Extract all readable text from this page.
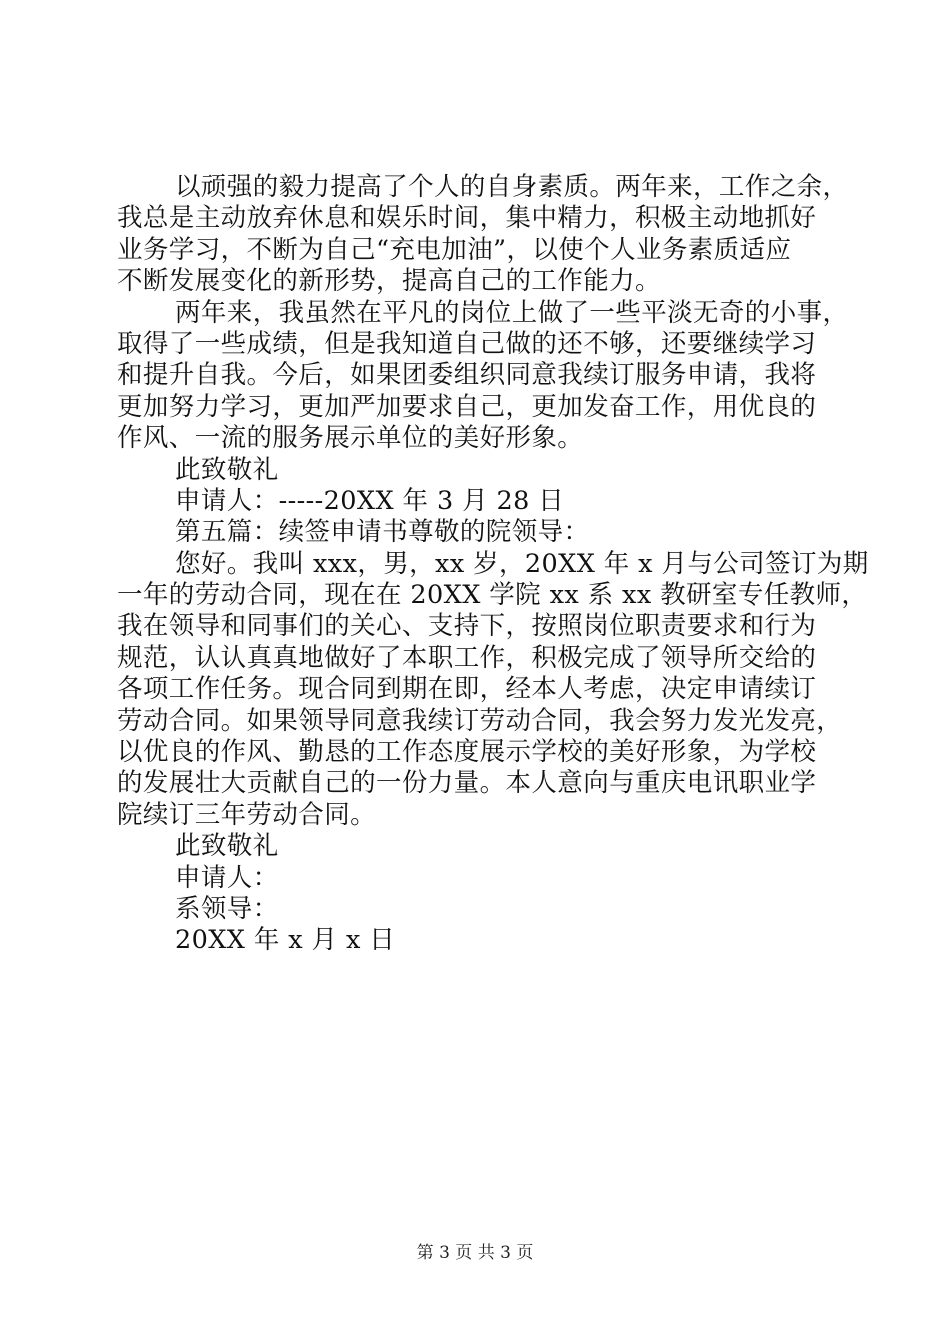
以顽强的毅力提高了个人的自身素质。两年来，工作之余，
我总是主动放弃休息和娱乐时间，集中精力，积极主动地抓好
业务学习，不断为自己“充电加油”，以使个人业务素质适应
不断发展变化的新形势，提高自己的工作能力。
两年来，我虽然在平凡的岗位上做了一些平淡无奇的小事，
取得了一些成绩，但是我知道自己做的还不够，还要继续学习
和提升自我。今后，如果团委组织同意我续订服务申请，我将
更加努力学习，更加严加要求自己，更加发奋工作，用优良的
作风、一流的服务展示单位的美好形象。
此致敬礼
申请人：-----20XX 年 3 月 28 日
第五篇：续签申请书尊敬的院领导：
您好。我叫 xxx，男，xx 岁，20XX 年 x 月与公司签订为期
一年的劳动合同，现在在 20XX 学院 xx 系 xx 教研室专任教师，
我在领导和同事们的关心、支持下，按照岗位职责要求和行为
规范，认认真真地做好了本职工作，积极完成了领导所交给的
各项工作任务。现合同到期在即，经本人考虑，决定申请续订
劳动合同。如果领导同意我续订劳动合同，我会努力发光发亮，
以优良的作风、勤恳的工作态度展示学校的美好形象，为学校
的发展壮大贡献自己的一份力量。本人意向与重庆电讯职业学
院续订三年劳动合同。
此致敬礼
申请人：
系领导：
20XX 年 x 月 x 日
第 3 页 共 3 页
